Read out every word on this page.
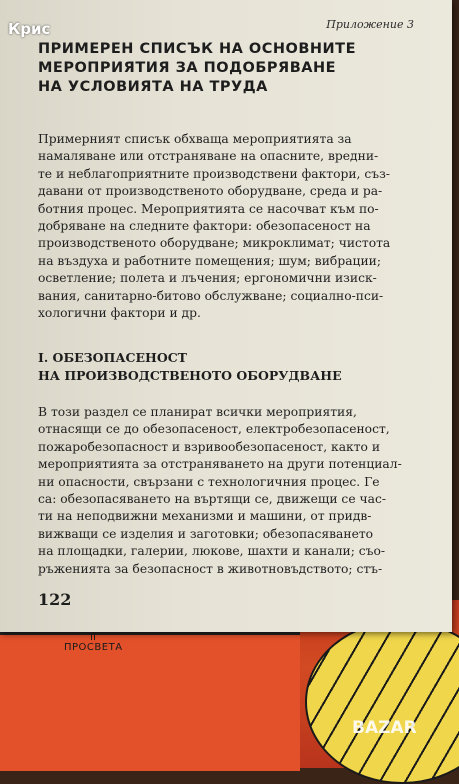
II
ПРОСВЕТА
BAZAR
Приложение 3
ПРИМЕРЕН СПИСЪК НА ОСНОВНИТЕ
МЕРОПРИЯТИЯ ЗА ПОДОБРЯВАНЕ
НА УСЛОВИЯТА НА ТРУДА

Примерният списък обхваща мероприятията за
намаляване или отстраняване на опасните, вредни-
те и неблагоприятните производствени фактори, съз-
давани от производственото оборудване, среда и ра-
ботния процес. Мероприятията се насочват към по-
добряване на следните фактори: обезопасеност на
производственото оборудване; микроклимат; чистота
на въздуха и работните помещения; шум; вибрации;
осветление; полета и лъчения; ергономични изиск-
вания, санитарно-битово обслужване; социално-пси-
хологични фактори и др.

I. ОБЕЗОПАСЕНОСТ
НА ПРОИЗВОДСТВЕНОТО ОБОРУДВАНЕ

В този раздел се планират всички мероприятия,
отнасящи се до обезопасеност, електробезопасеност,
пожаробезопасност и взривообезопасеност, както и
мероприятията за отстраняването на други потенциал-
ни опасности, свързани с технологичния процес. Ге
са: обезопасяването на въртящи се, движещи се час-
ти на неподвижни механизми и машини, от придв-
вижващи се изделия и заготовки; обезопасяването
на площадки, галерии, люкове, шахти и канали; съо-
ръженията за безопасност в животновъдството; стъ-

122
Крис
